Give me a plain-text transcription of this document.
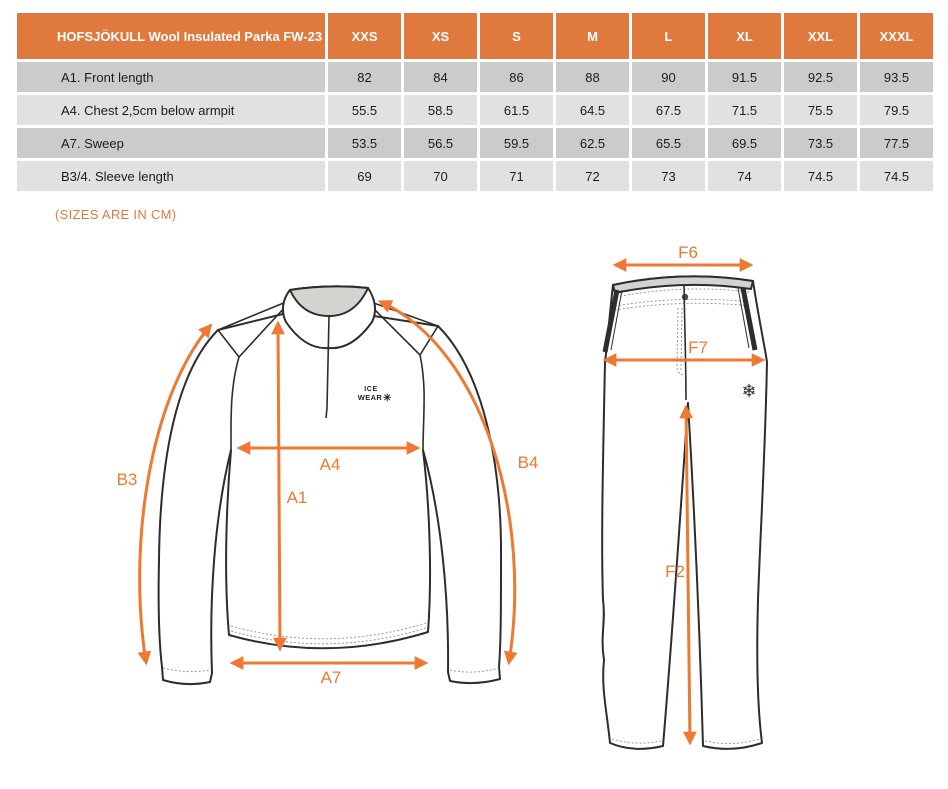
HOFSJÖKULL Wool Insulated Parka FW-23	XXS	XS	S	M	L	XL	XXL	XXXL
A1. Front length	82	84	86	88	90	91.5	92.5	93.5
A4. Chest 2,5cm below armpit	55.5	58.5	61.5	64.5	67.5	71.5	75.5	79.5
A7. Sweep	53.5	56.5	59.5	62.5	65.5	69.5	73.5	77.5
B3/4. Sleeve length	69	70	71	72	73	74	74.5	74.5
(SIZES ARE IN CM)
ICE
WEAR ✳
B3
B4
A4
A1
A7
❄
F6
F7
F2
